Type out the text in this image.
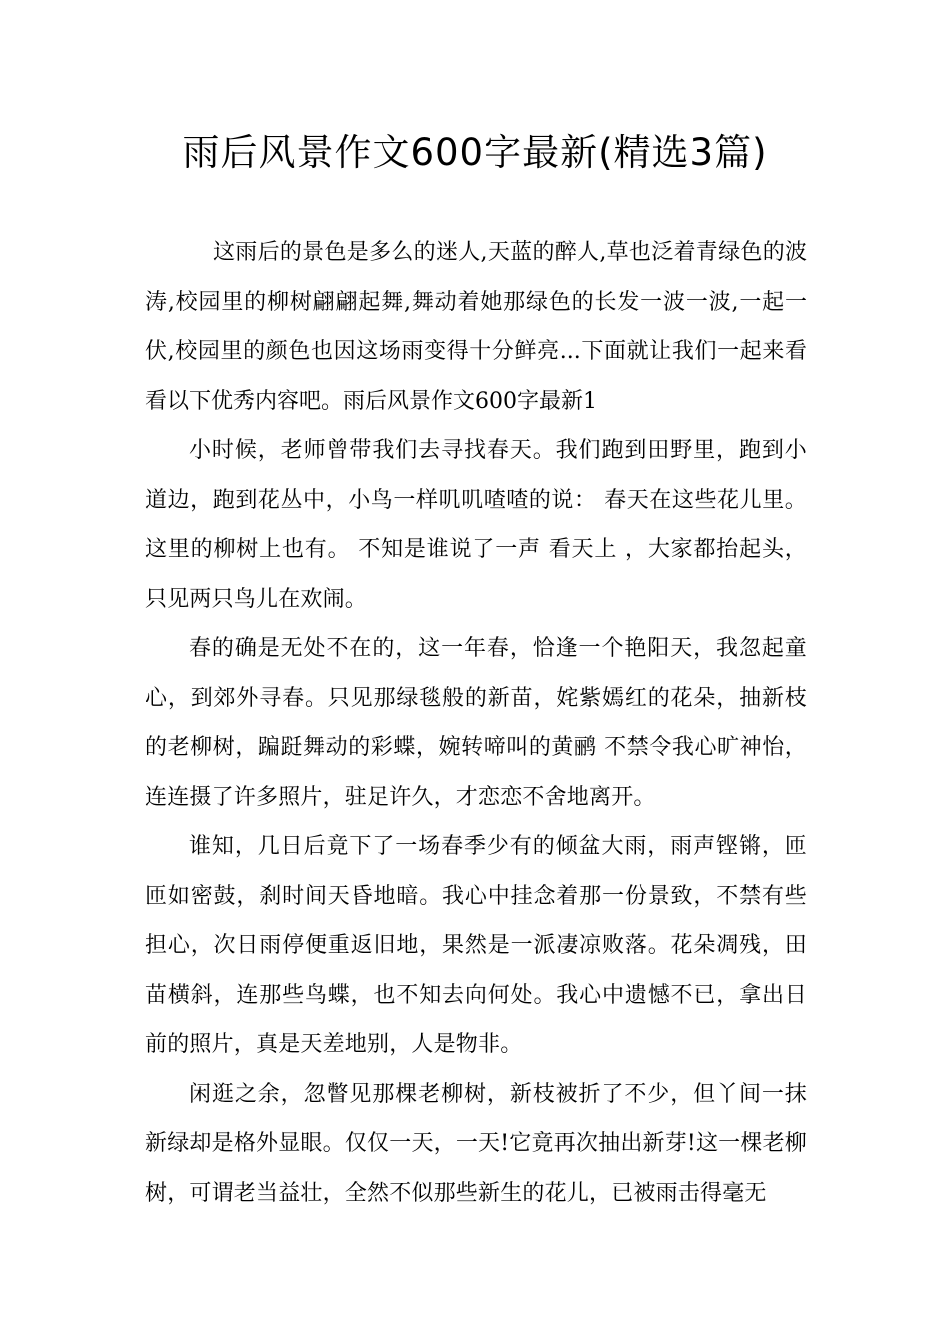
雨后风景作文600字最新(精选3篇)

这雨后的景色是多么的迷人,天蓝的醉人,草也泛着青绿色的波涛,校园里的柳树翩翩起舞,舞动着她那绿色的长发一波一波,一起一伏,校园里的颜色也因这场雨变得十分鲜亮...下面就让我们一起来看看以下优秀内容吧。雨后风景作文600字最新1

小时候，老师曾带我们去寻找春天。我们跑到田野里，跑到小道边，跑到花丛中，小鸟一样叽叽喳喳的说： 春天在这些花儿里。这里的柳树上也有。 不知是谁说了一声 看天上 ，大家都抬起头，只见两只鸟儿在欢闹。

春的确是无处不在的，这一年春，恰逢一个艳阳天，我忽起童心，到郊外寻春。只见那绿毯般的新苗，姹紫嫣红的花朵，抽新枝的老柳树，蹁跹舞动的彩蝶，婉转啼叫的黄鹂 不禁令我心旷神怡，连连摄了许多照片，驻足许久，才恋恋不舍地离开。

谁知，几日后竟下了一场春季少有的倾盆大雨，雨声铿锵，匝匝如密鼓，刹时间天昏地暗。我心中挂念着那一份景致，不禁有些担心，次日雨停便重返旧地，果然是一派凄凉败落。花朵凋残，田苗横斜，连那些鸟蝶，也不知去向何处。我心中遗憾不已，拿出日前的照片，真是天差地别，人是物非。

闲逛之余，忽瞥见那棵老柳树，新枝被折了不少，但丫间一抹新绿却是格外显眼。仅仅一天，一天!它竟再次抽出新芽!这一棵老柳树，可谓老当益壮，全然不似那些新生的花儿，已被雨击得毫无
